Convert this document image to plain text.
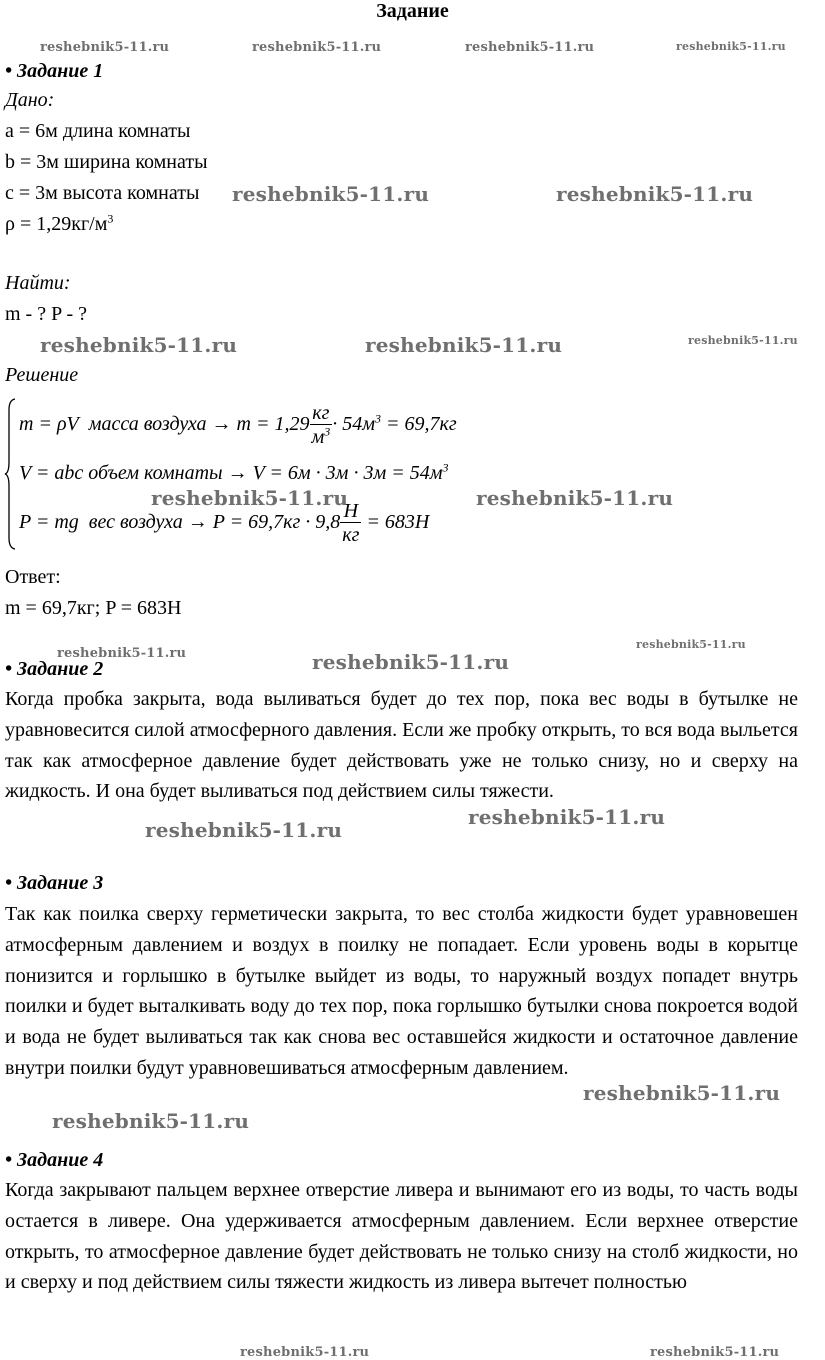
Задание
reshebnik5-11.ru	reshebnik5-11.ru	reshebnik5-11.ru	reshebnik5-11.ru
reshebnik5-11.ru	reshebnik5-11.ru
reshebnik5-11.ru	reshebnik5-11.ru	reshebnik5-11.ru
reshebnik5-11.ru	reshebnik5-11.ru
reshebnik5-11.ru
reshebnik5-11.ru	reshebnik5-11.ru
reshebnik5-11.ru
reshebnik5-11.ru
reshebnik5-11.ru
reshebnik5-11.ru
reshebnik5-11.ru	reshebnik5-11.ru
• Задание 1
Дано:
a = 6м длина комнаты
b = 3м ширина комнаты
c = 3м высота комнаты
$\rho = 1,29кг/м^3$
Найти:
m - ? P - ?
Решение
m = ρV масса воздуха → $m = 1,29 \frac{кг}{м^3} \cdot 54м^3 = 69,7кг$
V = abc объем комнаты → $V = 6м \cdot 3м \cdot 3м = 54м^3$
P = mg вес воздуха → $P = 69,7кг \cdot 9,8 \frac{H}{кг} = 683H$
Ответ:
m = 69,7кг; P = 683H
• Задание 2
Когда пробка закрыта, вода выливаться будет до тех пор, пока вес воды в бутылке не уравновесится силой атмосферного давления. Если же пробку открыть, то вся вода выльется так как атмосферное давление будет действовать уже не только снизу, но и сверху на жидкость. И она будет выливаться под действием силы тяжести.
• Задание 3
Так как поилка сверху герметически закрыта, то вес столба жидкости будет уравновешен атмосферным давлением и воздух в поилку не попадает. Если уровень воды в корытце понизится и горлышко в бутылке выйдет из воды, то наружный воздух попадет внутрь поилки и будет выталкивать воду до тех пор, пока горлышко бутылки снова покроется водой и вода не будет выливаться так как снова вес оставшейся жидкости и остаточное давление внутри поилки будут уравновешиваться атмосферным давлением.
• Задание 4
Когда закрывают пальцем верхнее отверстие ливера и вынимают его из воды, то часть воды остается в ливере. Она удерживается атмосферным давлением. Если верхнее отверстие открыть, то атмосферное давление будет действовать не только снизу на столб жидкости, но и сверху и под действием силы тяжести жидкость из ливера вытечет полностью
